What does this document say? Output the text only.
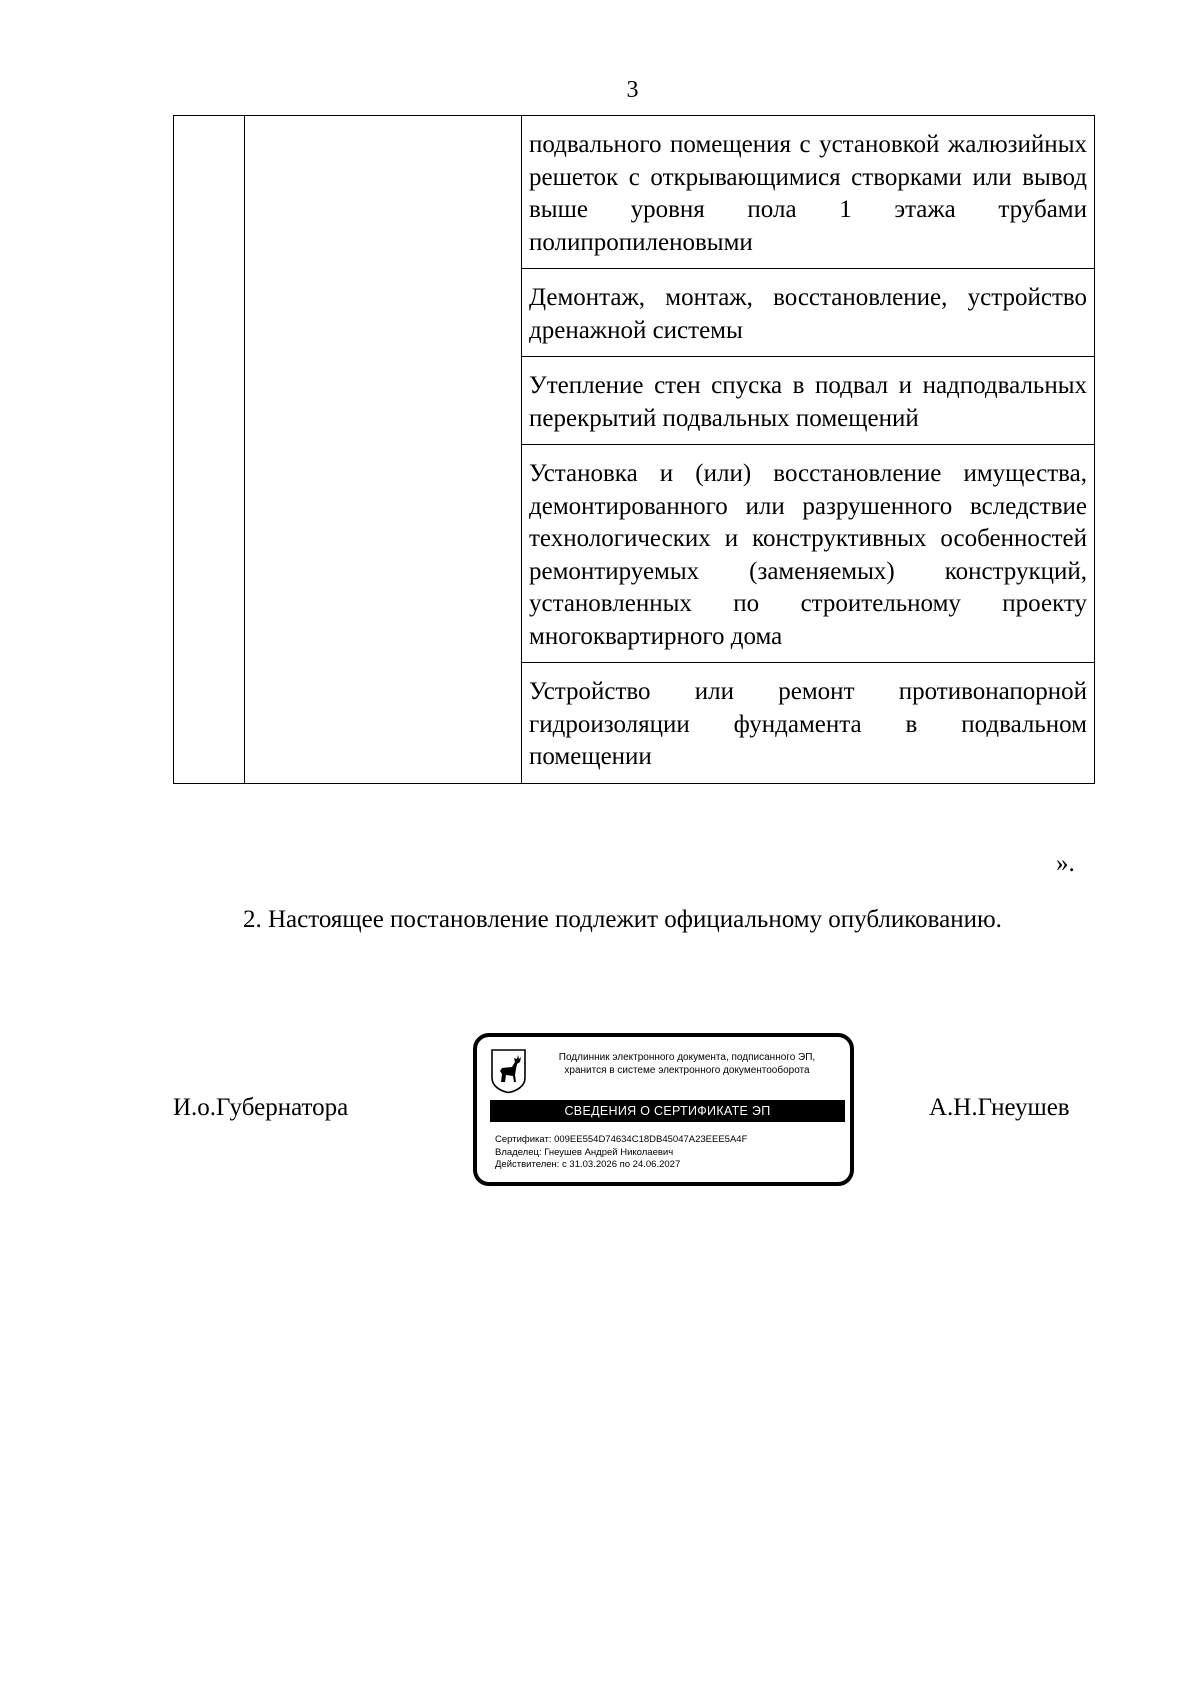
3

подвального помещения с установкой жалюзийных решеток с открывающимися створками или вывод выше уровня пола 1 этажа трубами полипропиленовыми

Демонтаж, монтаж, восстановление, устройство дренажной системы

Утепление стен спуска в подвал и надподвальных перекрытий подвальных помещений

Установка и (или) восстановление имущества, демонтированного или разрушенного вследствие технологических и конструктивных особенностей ремонтируемых (заменяемых) конструкций, установленных по строительному проекту многоквартирного дома

Устройство или ремонт противонапорной гидроизоляции фундамента в подвальном помещении
».
2. Настоящее постановление подлежит официальному опубликованию.
И.о.Губернатора
Подлинник электронного документа, подписанного ЭП,
хранится в системе электронного документооборота
СВЕДЕНИЯ О СЕРТИФИКАТЕ ЭП
Сертификат: 009EE554D74634C18DB45047A23EEE5A4F
Владелец: Гнеушев Андрей Николаевич
Действителен: с 31.03.2026 по 24.06.2027
А.Н.Гнеушев
